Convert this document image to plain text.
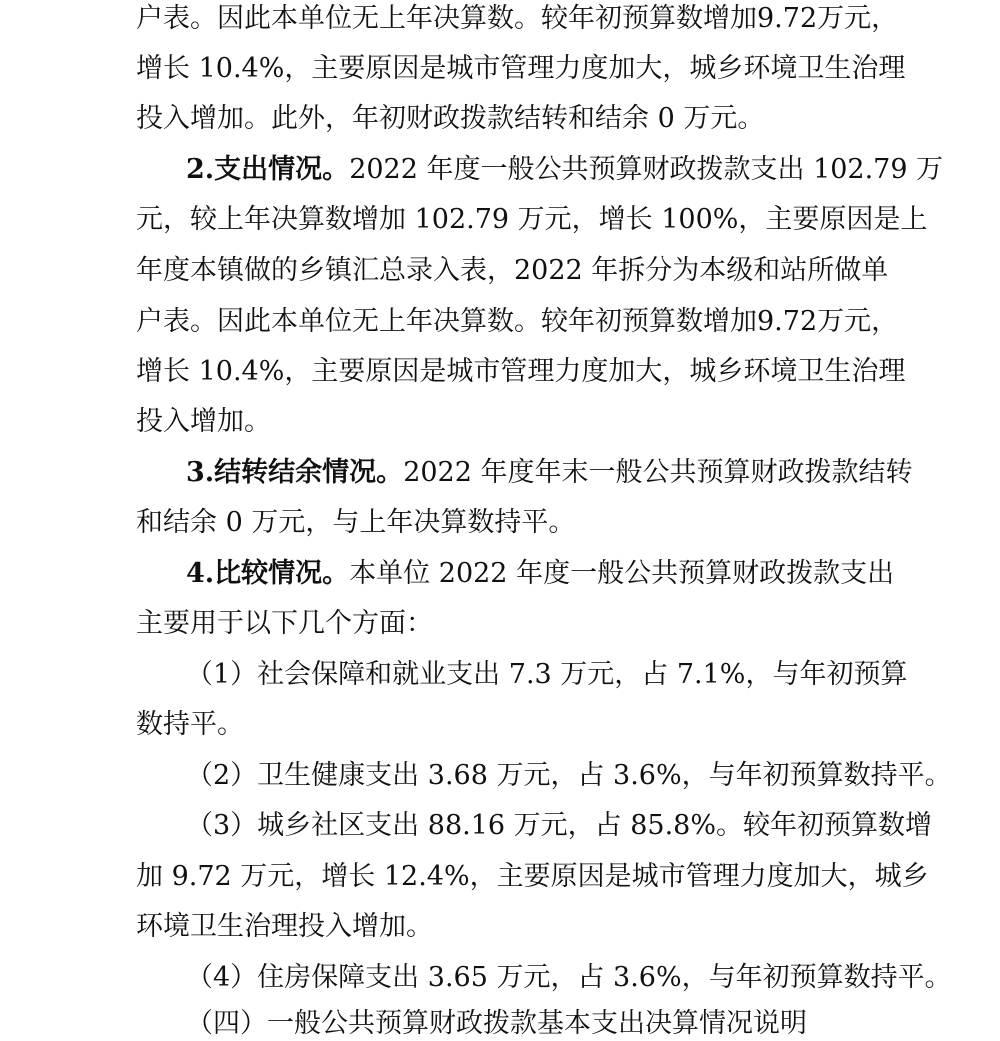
户表。因此本单位无上年决算数。较年初预算数增加9.72万元，
增长 10.4%，主要原因是城市管理力度加大，城乡环境卫生治理
投入增加。此外，年初财政拨款结转和结余 0 万元。
2.支出情况。2022 年度一般公共预算财政拨款支出 102.79 万
元，较上年决算数增加 102.79 万元，增长 100%，主要原因是上
年度本镇做的乡镇汇总录入表，2022 年拆分为本级和站所做单
户表。因此本单位无上年决算数。较年初预算数增加9.72万元，
增长 10.4%，主要原因是城市管理力度加大，城乡环境卫生治理
投入增加。
3.结转结余情况。2022 年度年末一般公共预算财政拨款结转
和结余 0 万元，与上年决算数持平。
4.比较情况。本单位 2022 年度一般公共预算财政拨款支出
主要用于以下几个方面：
（1）社会保障和就业支出 7.3 万元，占 7.1%，与年初预算
数持平。
（2）卫生健康支出 3.68 万元，占 3.6%，与年初预算数持平。
（3）城乡社区支出 88.16 万元，占 85.8%。较年初预算数增
加 9.72 万元，增长 12.4%，主要原因是城市管理力度加大，城乡
环境卫生治理投入增加。
（4）住房保障支出 3.65 万元，占 3.6%，与年初预算数持平。
（四）一般公共预算财政拨款基本支出决算情况说明
